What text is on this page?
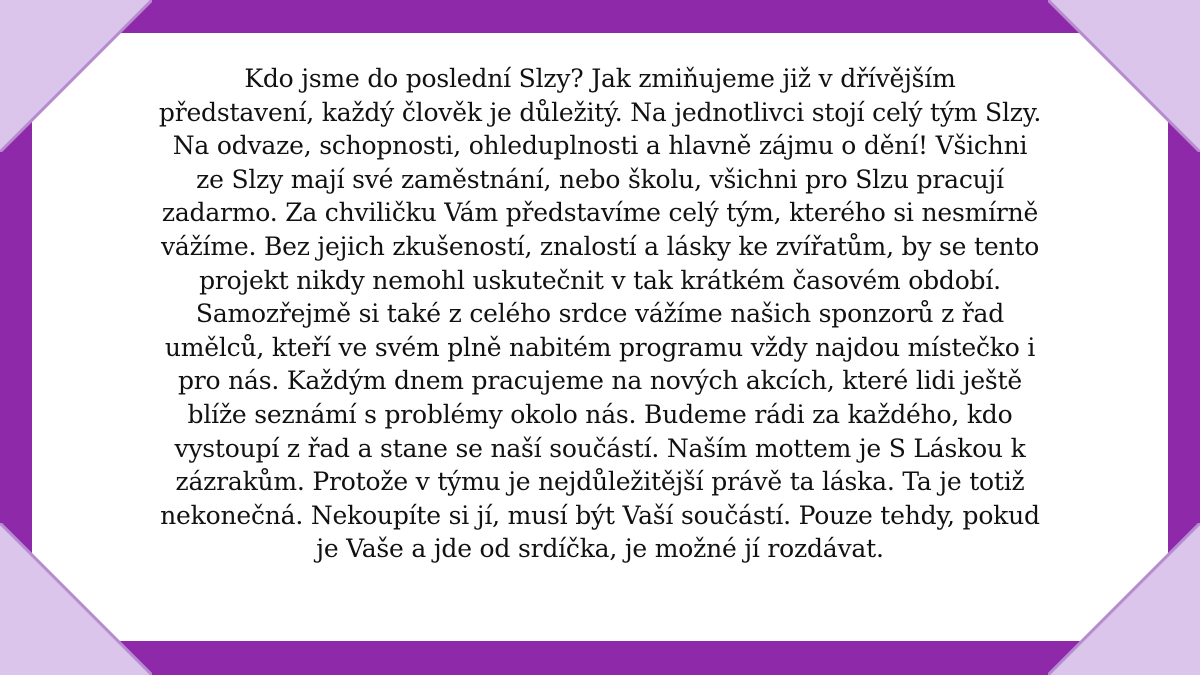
Kdo jsme do poslední Slzy? Jak zmiňujeme již v dřívějším
představení, každý člověk je důležitý. Na jednotlivci stojí celý tým Slzy.
Na odvaze, schopnosti, ohleduplnosti a hlavně zájmu o dění! Všichni
ze Slzy mají své zaměstnání, nebo školu, všichni pro Slzu pracují
zadarmo. Za chviličku Vám představíme celý tým, kterého si nesmírně
vážíme. Bez jejich zkušeností, znalostí a lásky ke zvířatům, by se tento
projekt nikdy nemohl uskutečnit v tak krátkém časovém období.
Samozřejmě si také z celého srdce vážíme našich sponzorů z řad
umělců, kteří ve svém plně nabitém programu vždy najdou místečko i
pro nás. Každým dnem pracujeme na nových akcích, které lidi ještě
blíže seznámí s problémy okolo nás. Budeme rádi za každého, kdo
vystoupí z řad a stane se naší součástí. Naším mottem je S Láskou k
zázrakům. Protože v týmu je nejdůležitější právě ta láska. Ta je totiž
nekonečná. Nekoupíte si jí, musí být Vaší součástí. Pouze tehdy, pokud
je Vaše a jde od srdíčka, je možné jí rozdávat.
